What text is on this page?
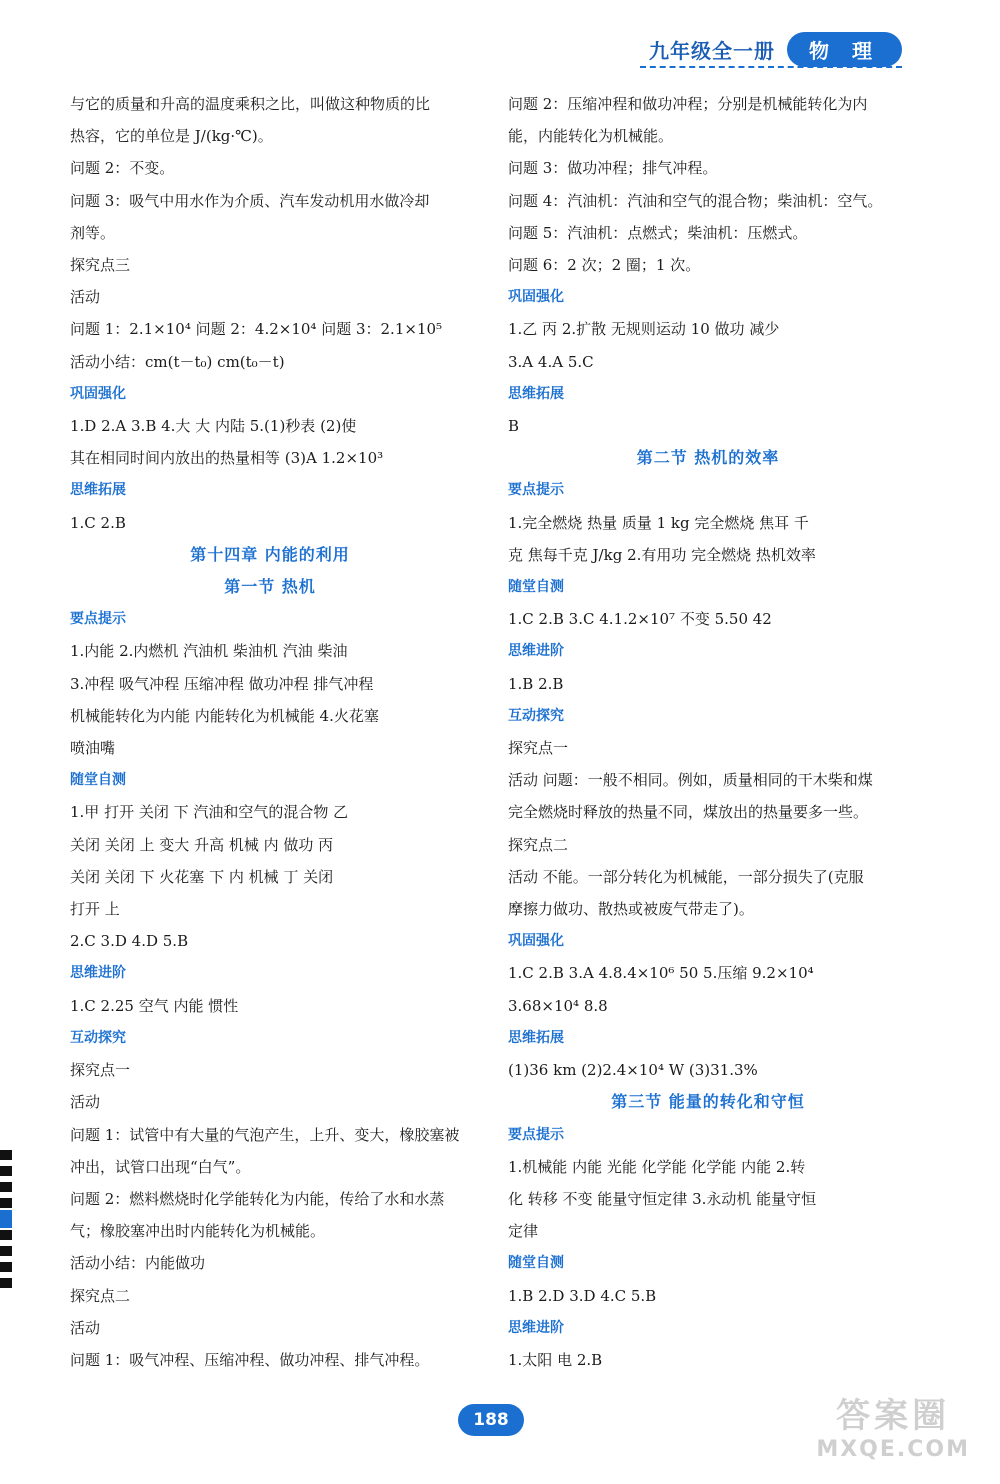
九年级全一册	物 理

与它的质量和升高的温度乘积之比，叫做这种物质的比

热容，它的单位是 J/(kg·℃)。

问题 2：不变。

问题 3：吸气中用水作为介质、汽车发动机用水做冷却

剂等。

探究点三

活动

问题 1：2.1×10⁴ 问题 2：4.2×10⁴ 问题 3：2.1×10⁵

活动小结：cm(t－t₀) cm(t₀－t)

巩固强化

1.D 2.A 3.B 4.大 大 内陆 5.(1)秒表 (2)使

其在相同时间内放出的热量相等 (3)A 1.2×10³

思维拓展

1.C 2.B

第十四章 内能的利用

第一节 热机

要点提示

1.内能 2.内燃机 汽油机 柴油机 汽油 柴油

3.冲程 吸气冲程 压缩冲程 做功冲程 排气冲程

机械能转化为内能 内能转化为机械能 4.火花塞

喷油嘴

随堂自测

1.甲 打开 关闭 下 汽油和空气的混合物 乙

关闭 关闭 上 变大 升高 机械 内 做功 丙

关闭 关闭 下 火花塞 下 内 机械 丁 关闭

打开 上

2.C 3.D 4.D 5.B

思维进阶

1.C 2.25 空气 内能 惯性

互动探究

探究点一

活动

问题 1：试管中有大量的气泡产生，上升、变大，橡胶塞被

冲出，试管口出现“白气”。

问题 2：燃料燃烧时化学能转化为内能，传给了水和水蒸

气；橡胶塞冲出时内能转化为机械能。

活动小结：内能做功

探究点二

活动

问题 1：吸气冲程、压缩冲程、做功冲程、排气冲程。

问题 2：压缩冲程和做功冲程；分别是机械能转化为内

能，内能转化为机械能。

问题 3：做功冲程；排气冲程。

问题 4：汽油机：汽油和空气的混合物；柴油机：空气。

问题 5：汽油机：点燃式；柴油机：压燃式。

问题 6：2 次；2 圈；1 次。

巩固强化

1.乙 丙 2.扩散 无规则运动 10 做功 减少

3.A 4.A 5.C

思维拓展

B

第二节 热机的效率

要点提示

1.完全燃烧 热量 质量 1 kg 完全燃烧 焦耳 千

克 焦每千克 J/kg 2.有用功 完全燃烧 热机效率

随堂自测

1.C 2.B 3.C 4.1.2×10⁷ 不变 5.50 42

思维进阶

1.B 2.B

互动探究

探究点一

活动 问题：一般不相同。例如，质量相同的干木柴和煤

完全燃烧时释放的热量不同，煤放出的热量要多一些。

探究点二

活动 不能。一部分转化为机械能，一部分损失了(克服

摩擦力做功、散热或被废气带走了)。

巩固强化

1.C 2.B 3.A 4.8.4×10⁶ 50 5.压缩 9.2×10⁴

3.68×10⁴ 8.8

思维拓展

(1)36 km (2)2.4×10⁴ W (3)31.3%

第三节 能量的转化和守恒

要点提示

1.机械能 内能 光能 化学能 化学能 内能 2.转

化 转移 不变 能量守恒定律 3.永动机 能量守恒

定律

随堂自测

1.B 2.D 3.D 4.C 5.B

思维进阶

1.太阳 电 2.B

188	答案圈
MXQE.COM
